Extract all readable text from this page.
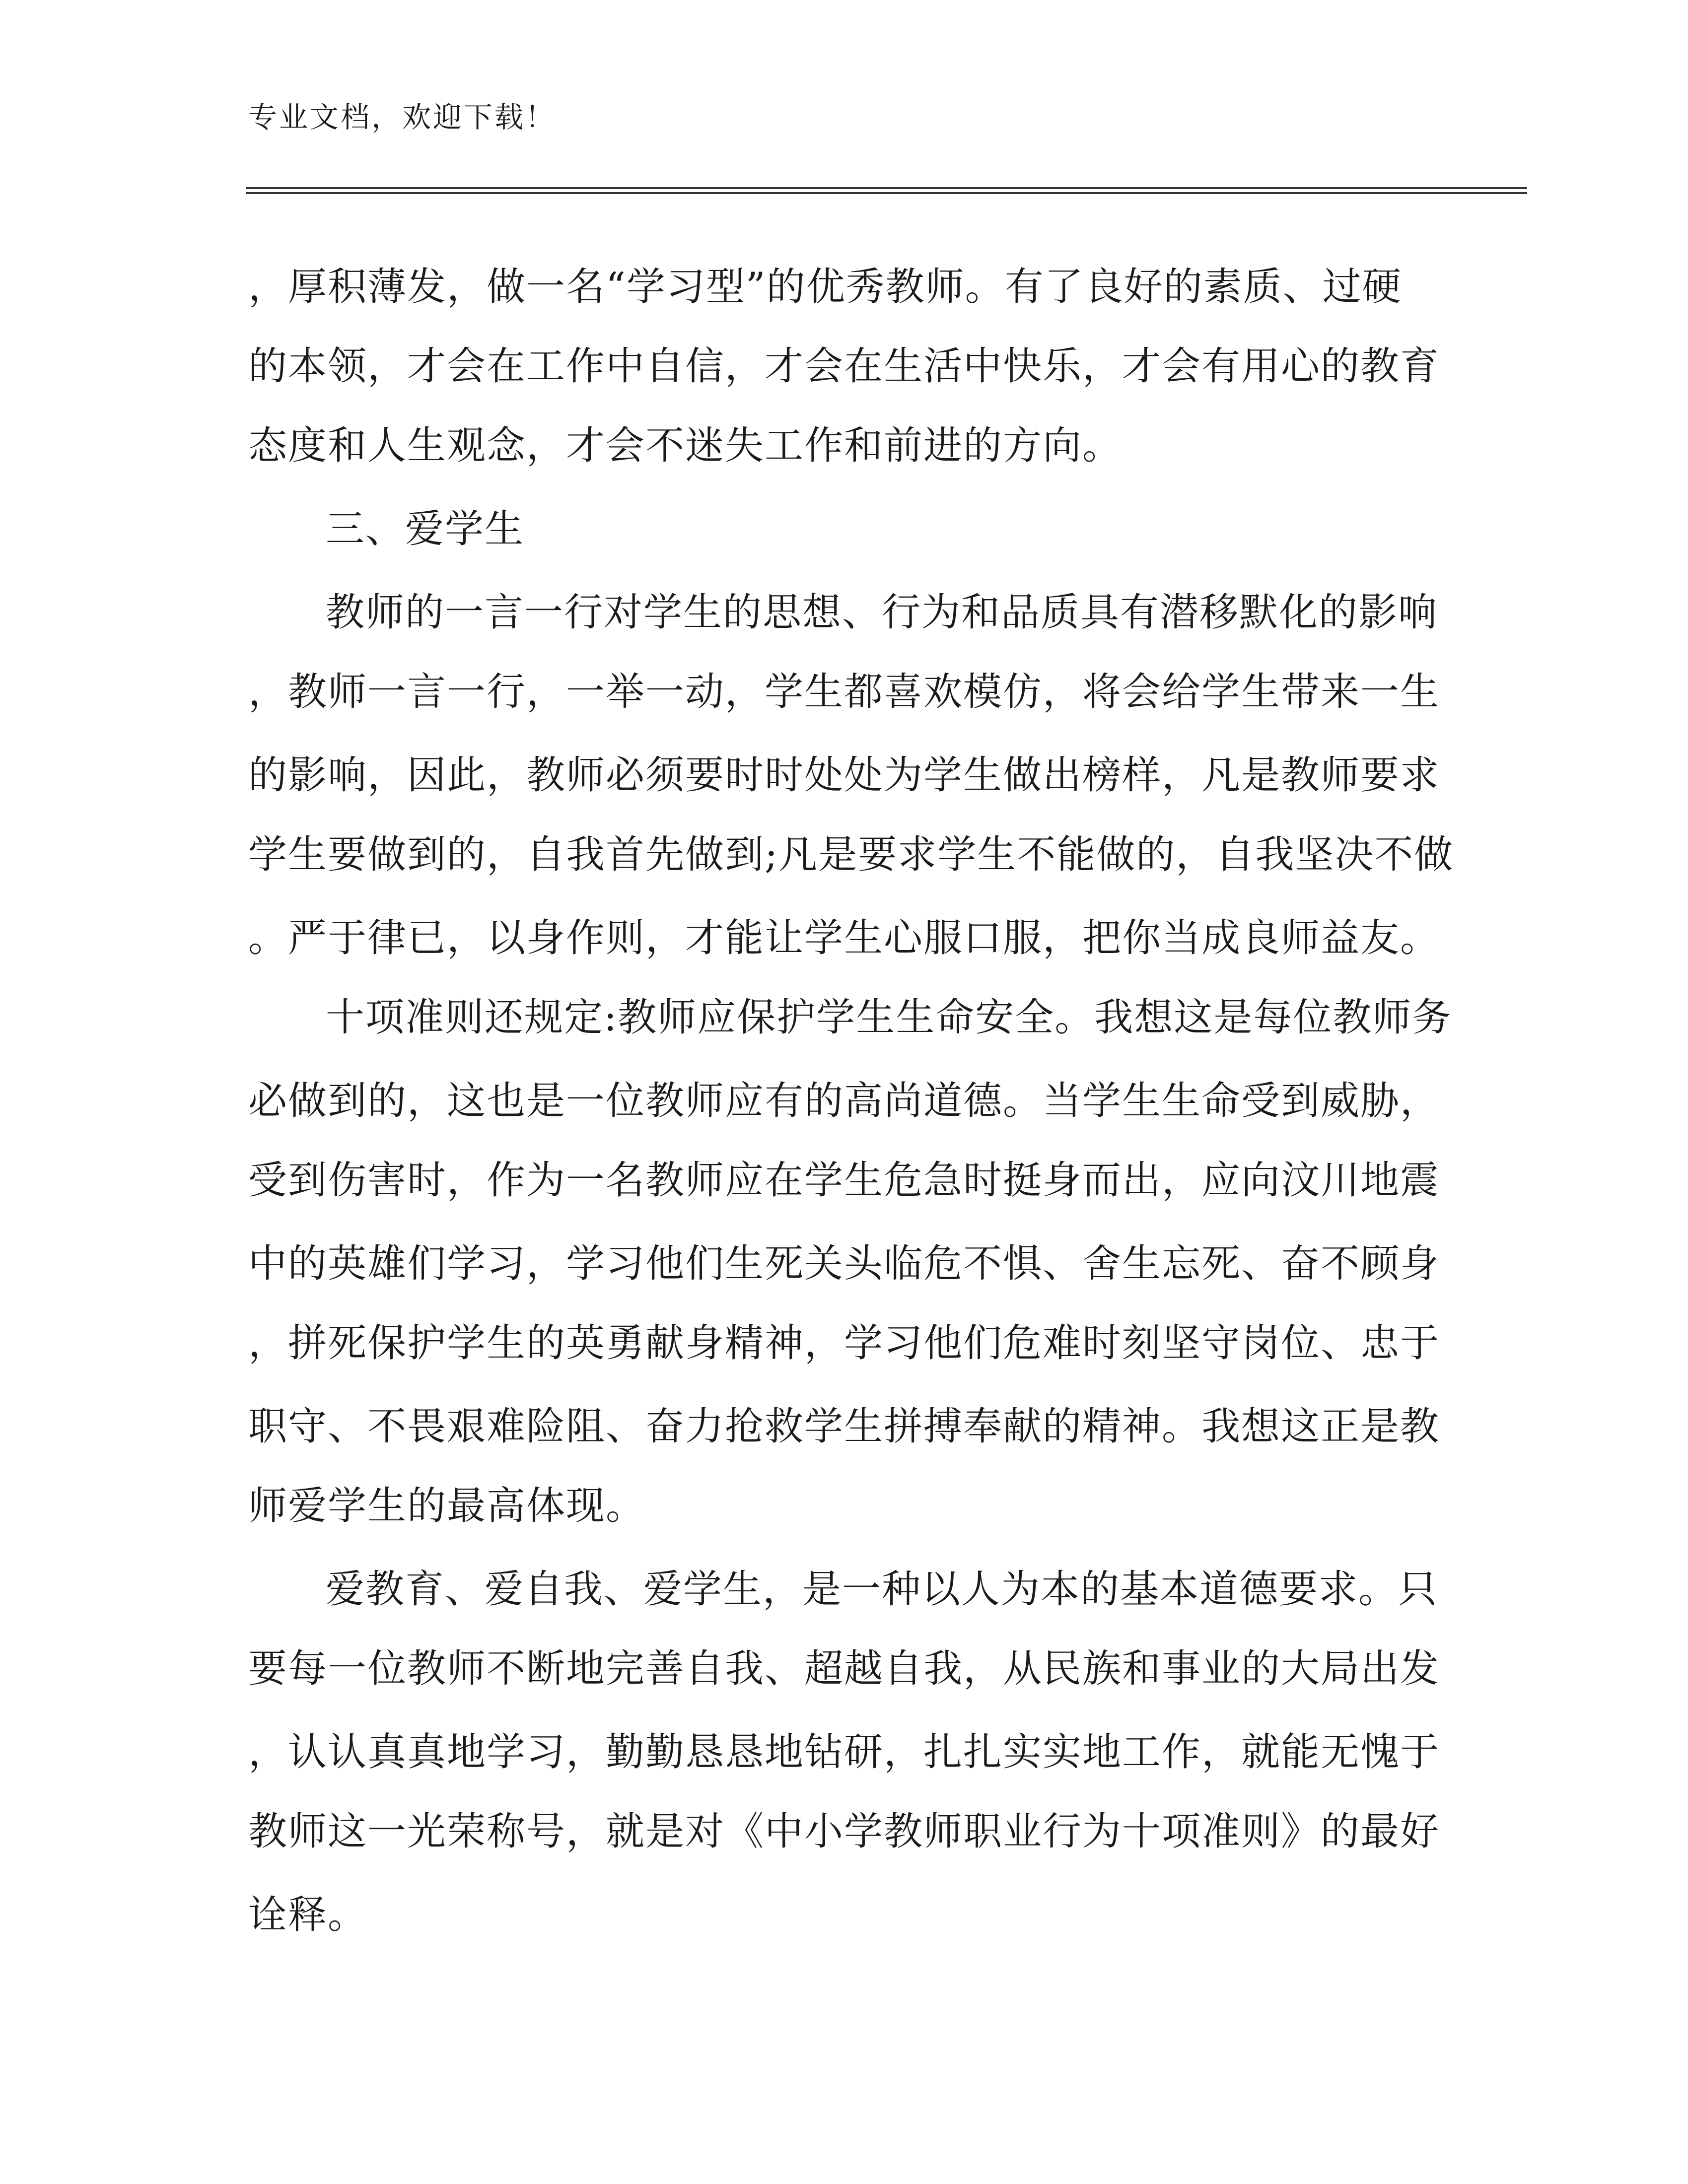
专业文档，欢迎下载！
，厚积薄发，做一名“学习型”的优秀教师。有了良好的素质、过硬
的本领，才会在工作中自信，才会在生活中快乐，才会有用心的教育
态度和人生观念，才会不迷失工作和前进的方向。
三、爱学生
教师的一言一行对学生的思想、行为和品质具有潜移默化的影响
，教师一言一行，一举一动，学生都喜欢模仿，将会给学生带来一生
的影响，因此，教师必须要时时处处为学生做出榜样，凡是教师要求
学生要做到的，自我首先做到;凡是要求学生不能做的，自我坚决不做
。严于律已，以身作则，才能让学生心服口服，把你当成良师益友。
十项准则还规定:教师应保护学生生命安全。我想这是每位教师务
必做到的，这也是一位教师应有的高尚道德。当学生生命受到威胁，
受到伤害时，作为一名教师应在学生危急时挺身而出，应向汶川地震
中的英雄们学习，学习他们生死关头临危不惧、舍生忘死、奋不顾身
，拼死保护学生的英勇献身精神，学习他们危难时刻坚守岗位、忠于
职守、不畏艰难险阻、奋力抢救学生拼搏奉献的精神。我想这正是教
师爱学生的最高体现。
爱教育、爱自我、爱学生，是一种以人为本的基本道德要求。只
要每一位教师不断地完善自我、超越自我，从民族和事业的大局出发
，认认真真地学习，勤勤恳恳地钻研，扎扎实实地工作，就能无愧于
教师这一光荣称号，就是对《中小学教师职业行为十项准则》的最好
诠释。
